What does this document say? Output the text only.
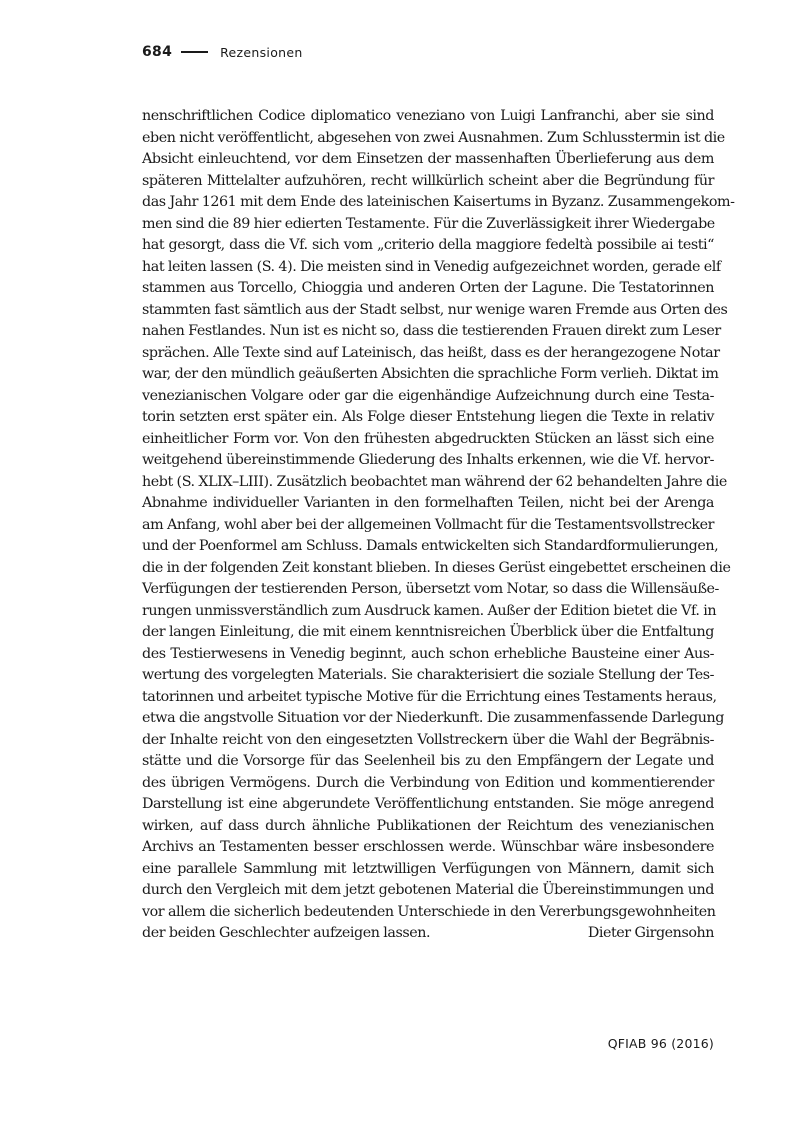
684	Rezensionen
nenschriftlichen Codice diplomatico veneziano von Luigi Lanfranchi, aber sie sind
eben nicht veröffentlicht, abgesehen von zwei Ausnahmen. Zum Schlusstermin ist die
Absicht einleuchtend, vor dem Einsetzen der massenhaften Überlieferung aus dem
späteren Mittelalter aufzuhören, recht willkürlich scheint aber die Begründung für
das Jahr 1261 mit dem Ende des lateinischen Kaisertums in Byzanz. Zusammengekom-
men sind die 89 hier edierten Testamente. Für die Zuverlässigkeit ihrer Wiedergabe
hat gesorgt, dass die Vf. sich vom „criterio della maggiore fedeltà possibile ai testi“
hat leiten lassen (S. 4). Die meisten sind in Venedig aufgezeichnet worden, gerade elf
stammen aus Torcello, Chioggia und anderen Orten der Lagune. Die Testatorinnen
stammten fast sämtlich aus der Stadt selbst, nur wenige waren Fremde aus Orten des
nahen Festlandes. Nun ist es nicht so, dass die testierenden Frauen direkt zum Leser
sprächen. Alle Texte sind auf Lateinisch, das heißt, dass es der herangezogene Notar
war, der den mündlich geäußerten Absichten die sprachliche Form verlieh. Diktat im
venezianischen Volgare oder gar die eigenhändige Aufzeichnung durch eine Testa-
torin setzten erst später ein. Als Folge dieser Entstehung liegen die Texte in relativ
einheitlicher Form vor. Von den frühesten abgedruckten Stücken an lässt sich eine
weitgehend übereinstimmende Gliederung des Inhalts erkennen, wie die Vf. hervor-
hebt (S. XLIX–LIII). Zusätzlich beobachtet man während der 62 behandelten Jahre die
Abnahme individueller Varianten in den formelhaften Teilen, nicht bei der Arenga
am Anfang, wohl aber bei der allgemeinen Vollmacht für die Testamentsvollstrecker
und der Poenformel am Schluss. Damals entwickelten sich Standardformulierungen,
die in der folgenden Zeit konstant blieben. In dieses Gerüst eingebettet erscheinen die
Verfügungen der testierenden Person, übersetzt vom Notar, so dass die Willensäuße-
rungen unmissverständlich zum Ausdruck kamen. Außer der Edition bietet die Vf. in
der langen Einleitung, die mit einem kenntnisreichen Überblick über die Entfaltung
des Testierwesens in Venedig beginnt, auch schon erhebliche Bausteine einer Aus-
wertung des vorgelegten Materials. Sie charakterisiert die soziale Stellung der Tes-
tatorinnen und arbeitet typische Motive für die Errichtung eines Testaments heraus,
etwa die angstvolle Situation vor der Niederkunft. Die zusammenfassende Darlegung
der Inhalte reicht von den eingesetzten Vollstreckern über die Wahl der Begräbnis-
stätte und die Vorsorge für das Seelenheil bis zu den Empfängern der Legate und
des übrigen Vermögens. Durch die Verbindung von Edition und kommentierender
Darstellung ist eine abgerundete Veröffentlichung entstanden. Sie möge anregend
wirken, auf dass durch ähnliche Publikationen der Reichtum des venezianischen
Archivs an Testamenten besser erschlossen werde. Wünschbar wäre insbesondere
eine parallele Sammlung mit letztwilligen Verfügungen von Männern, damit sich
durch den Vergleich mit dem jetzt gebotenen Material die Übereinstimmungen und
vor allem die sicherlich bedeutenden Unterschiede in den Vererbungsgewohnheiten
der beiden Geschlechter aufzeigen lassen.	Dieter Girgensohn
QFIAB 96 (2016)
